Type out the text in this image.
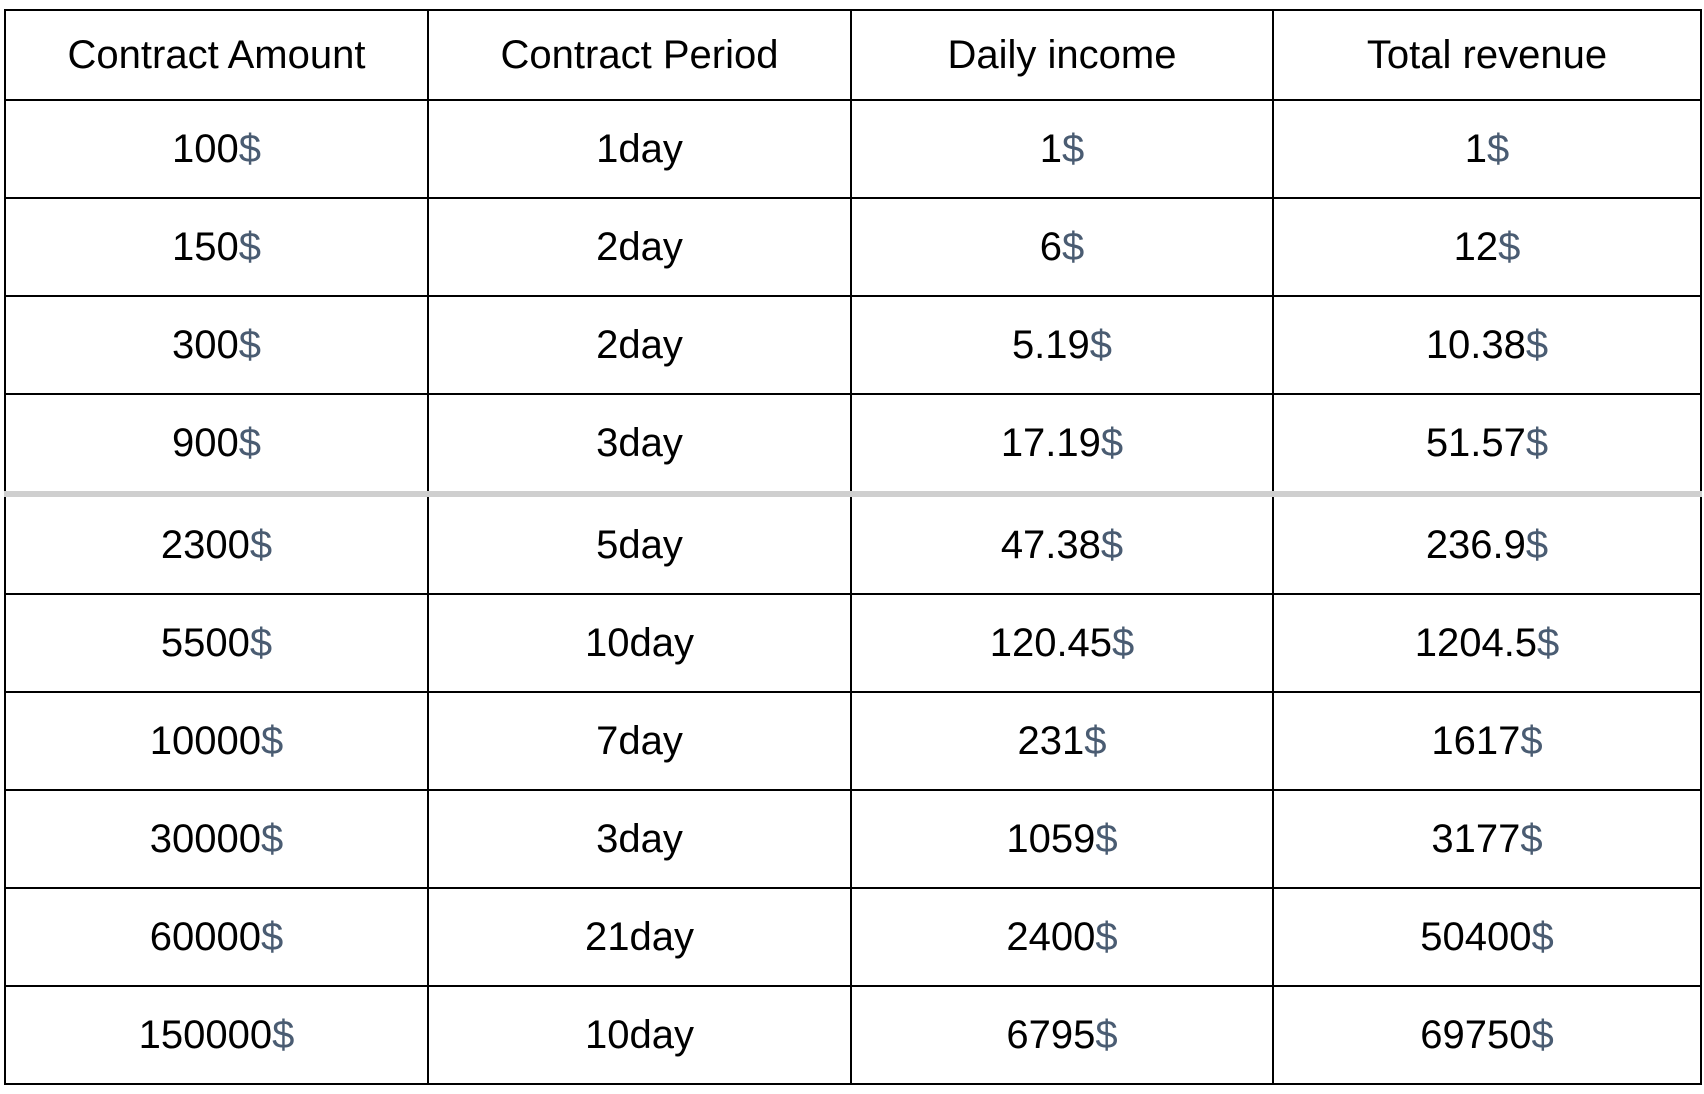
Contract Amount	Contract Period	Daily income	Total revenue
100$	1day	1$	1$
150$	2day	6$	12$
300$	2day	5.19$	10.38$
900$	3day	17.19$	51.57$
2300$	5day	47.38$	236.9$
5500$	10day	120.45$	1204.5$
10000$	7day	231$	1617$
30000$	3day	1059$	3177$
60000$	21day	2400$	50400$
150000$	10day	6795$	69750$
